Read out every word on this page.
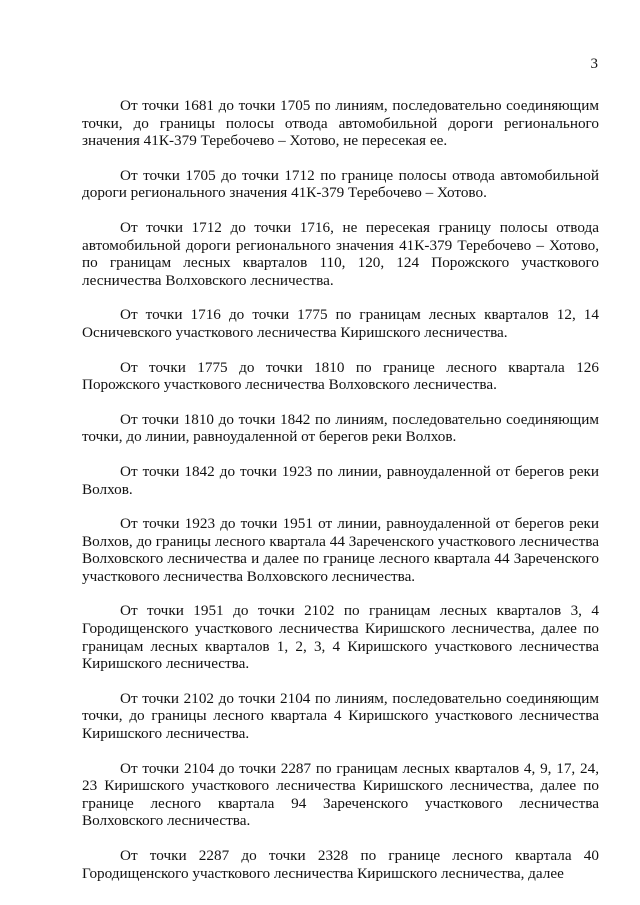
3

От точки 1681 до точки 1705 по линиям, последовательно соединяющим точки, до границы полосы отвода автомобильной дороги регионального значения 41К-379 Теребочево – Хотово, не пересекая ее.

От точки 1705 до точки 1712 по границе полосы отвода автомобильной дороги регионального значения 41К-379 Теребочево – Хотово.

От точки 1712 до точки 1716, не пересекая границу полосы отвода автомобильной дороги регионального значения 41К-379 Теребочево – Хотово, по границам лесных кварталов 110, 120, 124 Порожского участкового лесничества Волховского лесничества.

От точки 1716 до точки 1775 по границам лесных кварталов 12, 14 Осничевского участкового лесничества Киришского лесничества.

От точки 1775 до точки 1810 по границе лесного квартала 126 Порожского участкового лесничества Волховского лесничества.

От точки 1810 до точки 1842 по линиям, последовательно соединяющим точки, до линии, равноудаленной от берегов реки Волхов.

От точки 1842 до точки 1923 по линии, равноудаленной от берегов реки Волхов.

От точки 1923 до точки 1951 от линии, равноудаленной от берегов реки Волхов, до границы лесного квартала 44 Зареченского участкового лесничества Волховского лесничества и далее по границе лесного квартала 44 Зареченского участкового лесничества Волховского лесничества.

От точки 1951 до точки 2102 по границам лесных кварталов 3, 4 Городищенского участкового лесничества Киришского лесничества, далее по границам лесных кварталов 1, 2, 3, 4 Киришского участкового лесничества Киришского лесничества.

От точки 2102 до точки 2104 по линиям, последовательно соединяющим точки, до границы лесного квартала 4 Киришского участкового лесничества Киришского лесничества.

От точки 2104 до точки 2287 по границам лесных кварталов 4, 9, 17, 24, 23 Киришского участкового лесничества Киришского лесничества, далее по границе лесного квартала 94 Зареченского участкового лесничества Волховского лесничества.

От точки 2287 до точки 2328 по границе лесного квартала 40 Городищенского участкового лесничества Киришского лесничества, далее
